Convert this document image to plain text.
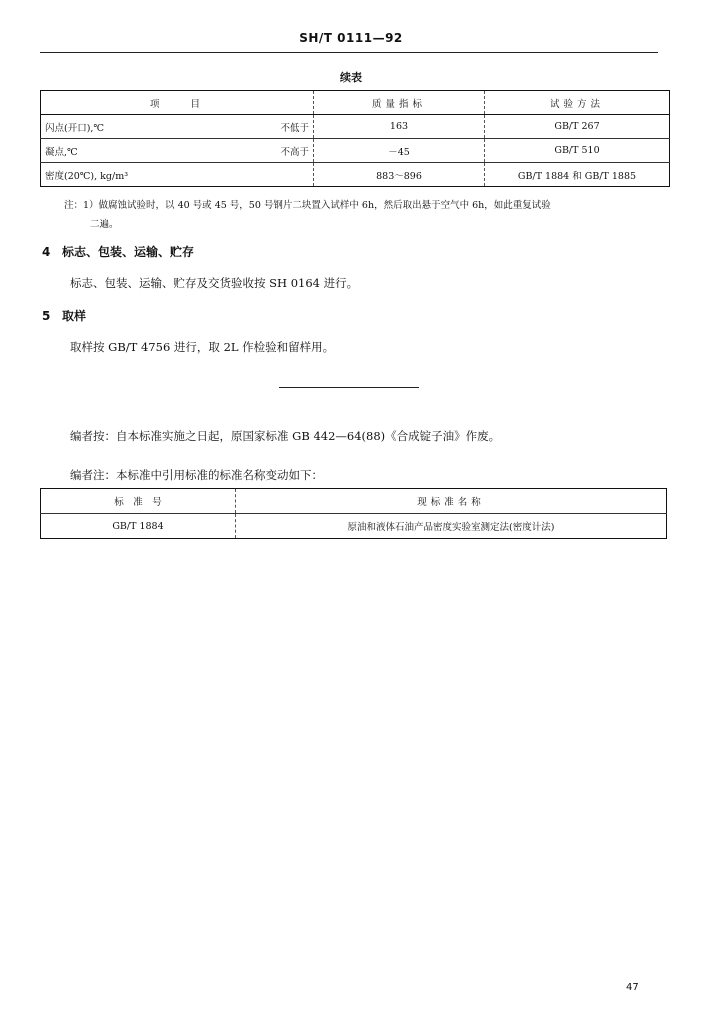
SH/T 0111—92
续表
项　　目	质量指标	试验方法

闪点(开口),℃ 不低于	163	GB/T 267

凝点,℃ 不高于	－45	GB/T 510

密度(20℃), kg/m³	883～896	GB/T 1884 和 GB/T 1885
注：1）做腐蚀试验时，以 40 号或 45 号，50 号钢片二块置入试样中 6h，然后取出悬于空气中 6h，如此重复试验
二遍。
4 标志、包装、运输、贮存
标志、包装、运输、贮存及交货验收按 SH 0164 进行。
5 取样
取样按 GB/T 4756 进行，取 2L 作检验和留样用。
编者按：自本标准实施之日起，原国家标准 GB 442—64(88)《合成锭子油》作废。
编者注：本标准中引用标准的标准名称变动如下：
标　准　号	现标准名称
GB/T 1884	原油和液体石油产品密度实验室测定法(密度计法)
47
